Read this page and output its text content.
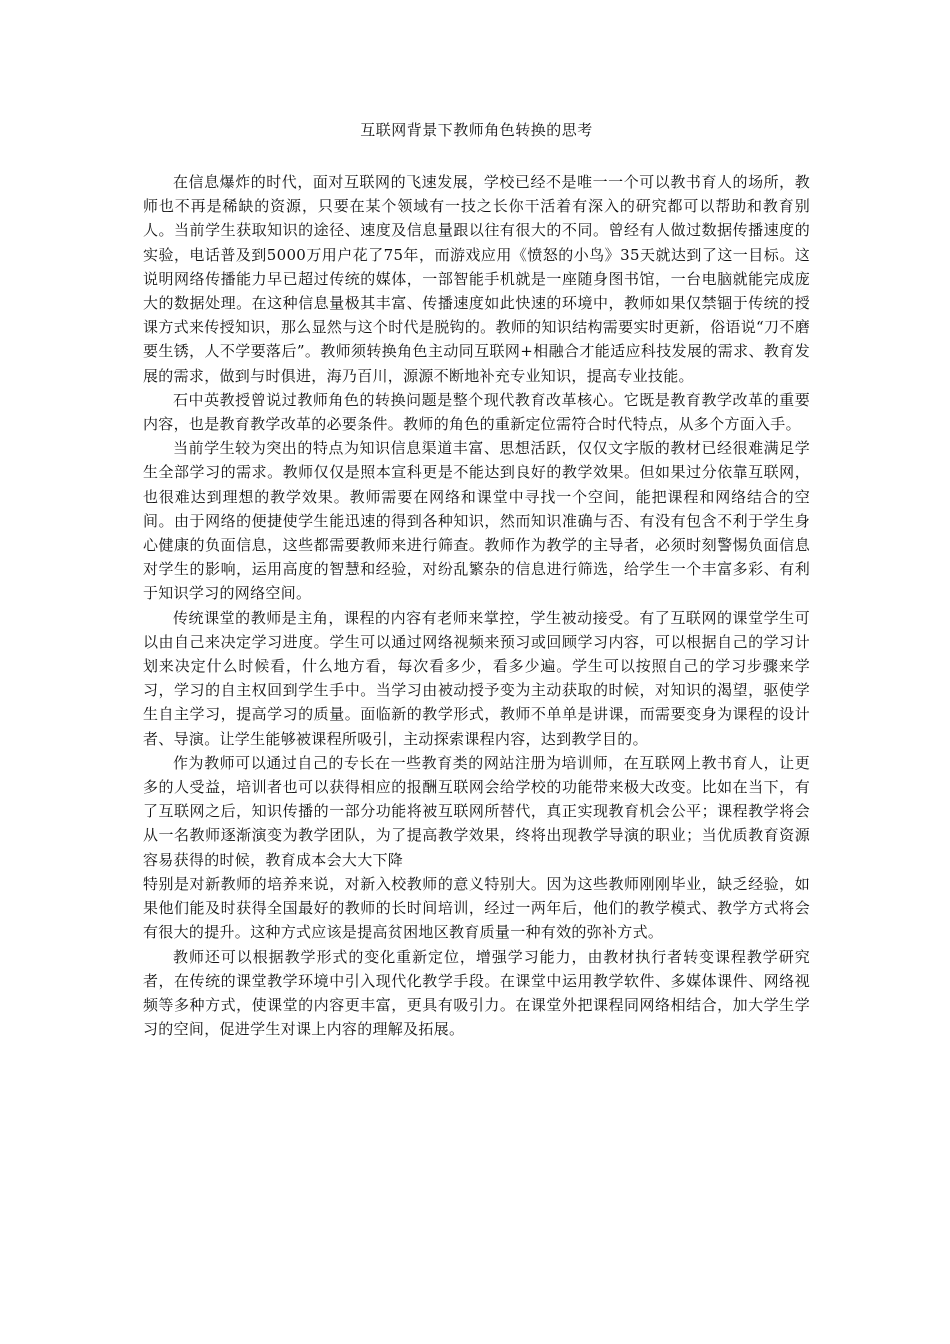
互联网背景下教师角色转换的思考

在信息爆炸的时代，面对互联网的飞速发展，学校已经不是唯一一个可以教书育人的场所，教师也不再是稀缺的资源，只要在某个领域有一技之长你干活着有深入的研究都可以帮助和教育别人。当前学生获取知识的途径、速度及信息量跟以往有很大的不同。曾经有人做过数据传播速度的实验，电话普及到5000万用户花了75年，而游戏应用《愤怒的小鸟》35天就达到了这一目标。这说明网络传播能力早已超过传统的媒体，一部智能手机就是一座随身图书馆，一台电脑就能完成庞大的数据处理。在这种信息量极其丰富、传播速度如此快速的环境中，教师如果仅禁锢于传统的授课方式来传授知识，那么显然与这个时代是脱钩的。教师的知识结构需要实时更新，俗语说“刀不磨要生锈，人不学要落后”。教师须转换角色主动同互联网+相融合才能适应科技发展的需求、教育发展的需求，做到与时俱进，海乃百川，源源不断地补充专业知识，提高专业技能。

石中英教授曾说过教师角色的转换问题是整个现代教育改革核心。它既是教育教学改革的重要内容，也是教育教学改革的必要条件。教师的角色的重新定位需符合时代特点，从多个方面入手。

当前学生较为突出的特点为知识信息渠道丰富、思想活跃，仅仅文字版的教材已经很难满足学生全部学习的需求。教师仅仅是照本宣科更是不能达到良好的教学效果。但如果过分依靠互联网，也很难达到理想的教学效果。教师需要在网络和课堂中寻找一个空间，能把课程和网络结合的空间。由于网络的便捷使学生能迅速的得到各种知识，然而知识准确与否、有没有包含不利于学生身心健康的负面信息，这些都需要教师来进行筛查。教师作为教学的主导者，必须时刻警惕负面信息对学生的影响，运用高度的智慧和经验，对纷乱繁杂的信息进行筛选，给学生一个丰富多彩、有利于知识学习的网络空间。

传统课堂的教师是主角，课程的内容有老师来掌控，学生被动接受。有了互联网的课堂学生可以由自己来决定学习进度。学生可以通过网络视频来预习或回顾学习内容，可以根据自己的学习计划来决定什么时候看，什么地方看，每次看多少，看多少遍。学生可以按照自己的学习步骤来学习，学习的自主权回到学生手中。当学习由被动授予变为主动获取的时候，对知识的渴望，驱使学生自主学习，提高学习的质量。面临新的教学形式，教师不单单是讲课，而需要变身为课程的设计者、导演。让学生能够被课程所吸引，主动探索课程内容，达到教学目的。

作为教师可以通过自己的专长在一些教育类的网站注册为培训师，在互联网上教书育人，让更多的人受益，培训者也可以获得相应的报酬互联网会给学校的功能带来极大改变。比如在当下，有了互联网之后，知识传播的一部分功能将被互联网所替代，真正实现教育机会公平；课程教学将会从一名教师逐渐演变为教学团队，为了提高教学效果，终将出现教学导演的职业；当优质教育资源容易获得的时候，教育成本会大大下降

特别是对新教师的培养来说，对新入校教师的意义特别大。因为这些教师刚刚毕业，缺乏经验，如果他们能及时获得全国最好的教师的长时间培训，经过一两年后，他们的教学模式、教学方式将会有很大的提升。这种方式应该是提高贫困地区教育质量一种有效的弥补方式。

教师还可以根据教学形式的变化重新定位，增强学习能力，由教材执行者转变课程教学研究者，在传统的课堂教学环境中引入现代化教学手段。在课堂中运用教学软件、多媒体课件、网络视频等多种方式，使课堂的内容更丰富，更具有吸引力。在课堂外把课程同网络相结合，加大学生学习的空间，促进学生对课上内容的理解及拓展。
